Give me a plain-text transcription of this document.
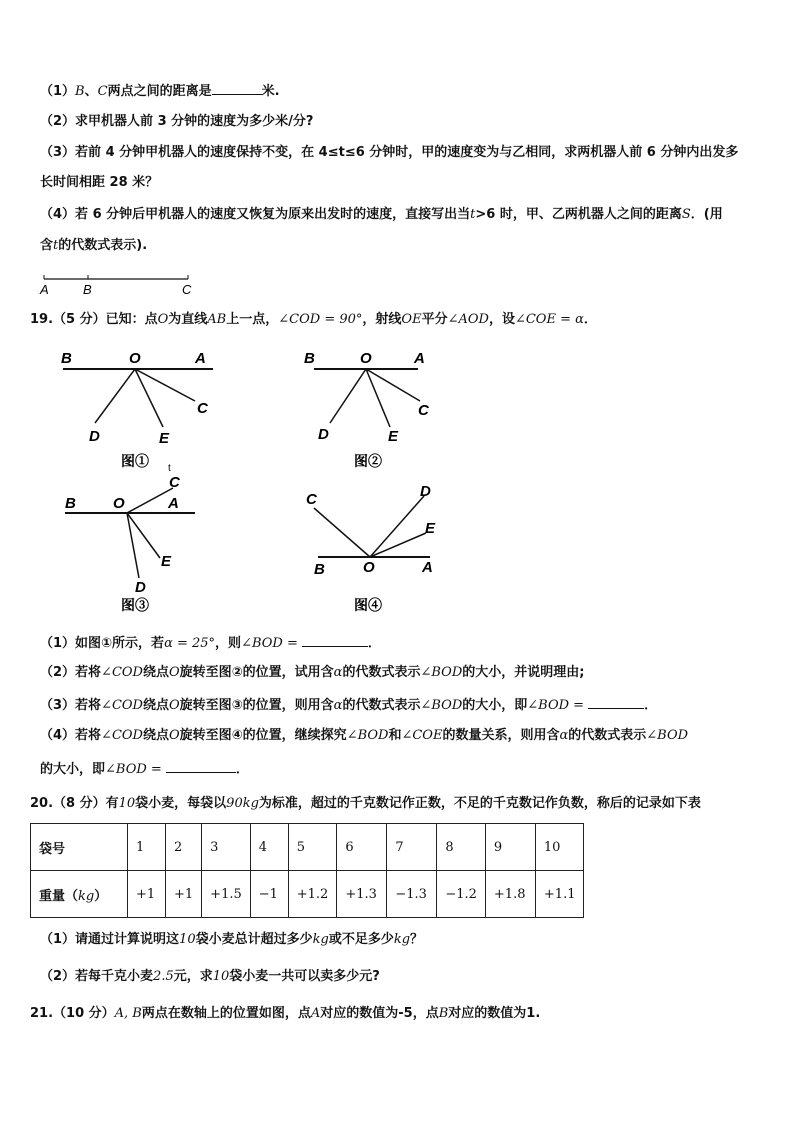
（1）B、C两点之间的距离是	米.
（2）求甲机器人前 3 分钟的速度为多少米/分?
（3）若前 4 分钟甲机器人的速度保持不变，在 4≤t≤6 分钟时，甲的速度变为与乙相同，求两机器人前 6 分钟内出发多
长时间相距 28 米？
（4）若 6 分钟后甲机器人的速度又恢复为原来出发时的速度，直接写出当t>6 时，甲、乙两机器人之间的距离S．(用
含t的代数式表示).
A	B	C
19.（5 分）已知：点O为直线AB上一点，∠COD = 90°，射线OE平分∠AOD，设∠COE = α．
B	O	A
C
E
D
图① t
B	O	A
C
E
D
图②
B O	A
C
E
D
图③
C	D
E
B	O	A
图④
（1）如图①所示，若α = 25°，则∠BOD =	．
（2）若将∠COD绕点O旋转至图②的位置，试用含α的代数式表示∠BOD的大小，并说明理由;
（3）若将∠COD绕点O旋转至图③的位置，则用含α的代数式表示∠BOD的大小，即∠BOD =	．
（4）若将∠COD绕点O旋转至图④的位置，继续探究∠BOD和∠COE的数量关系，则用含α的代数式表示∠BOD
的大小，即∠BOD =	．
20.（8 分）有10袋小麦，每袋以90kg为标准，超过的千克数记作正数，不足的千克数记作负数，称后的记录如下表
袋号	1	2	3	4	5	6	7	8	9	10
重量（kg）	+1	+1	+1.5	−1	+1.2	+1.3	−1.3	−1.2	+1.8	+1.1
（1）请通过计算说明这10袋小麦总计超过多少kg或不足多少kg？
（2）若每千克小麦2.5元，求10袋小麦一共可以卖多少元?
21.（10 分）A, B两点在数轴上的位置如图，点A对应的数值为-5，点B对应的数值为1.
